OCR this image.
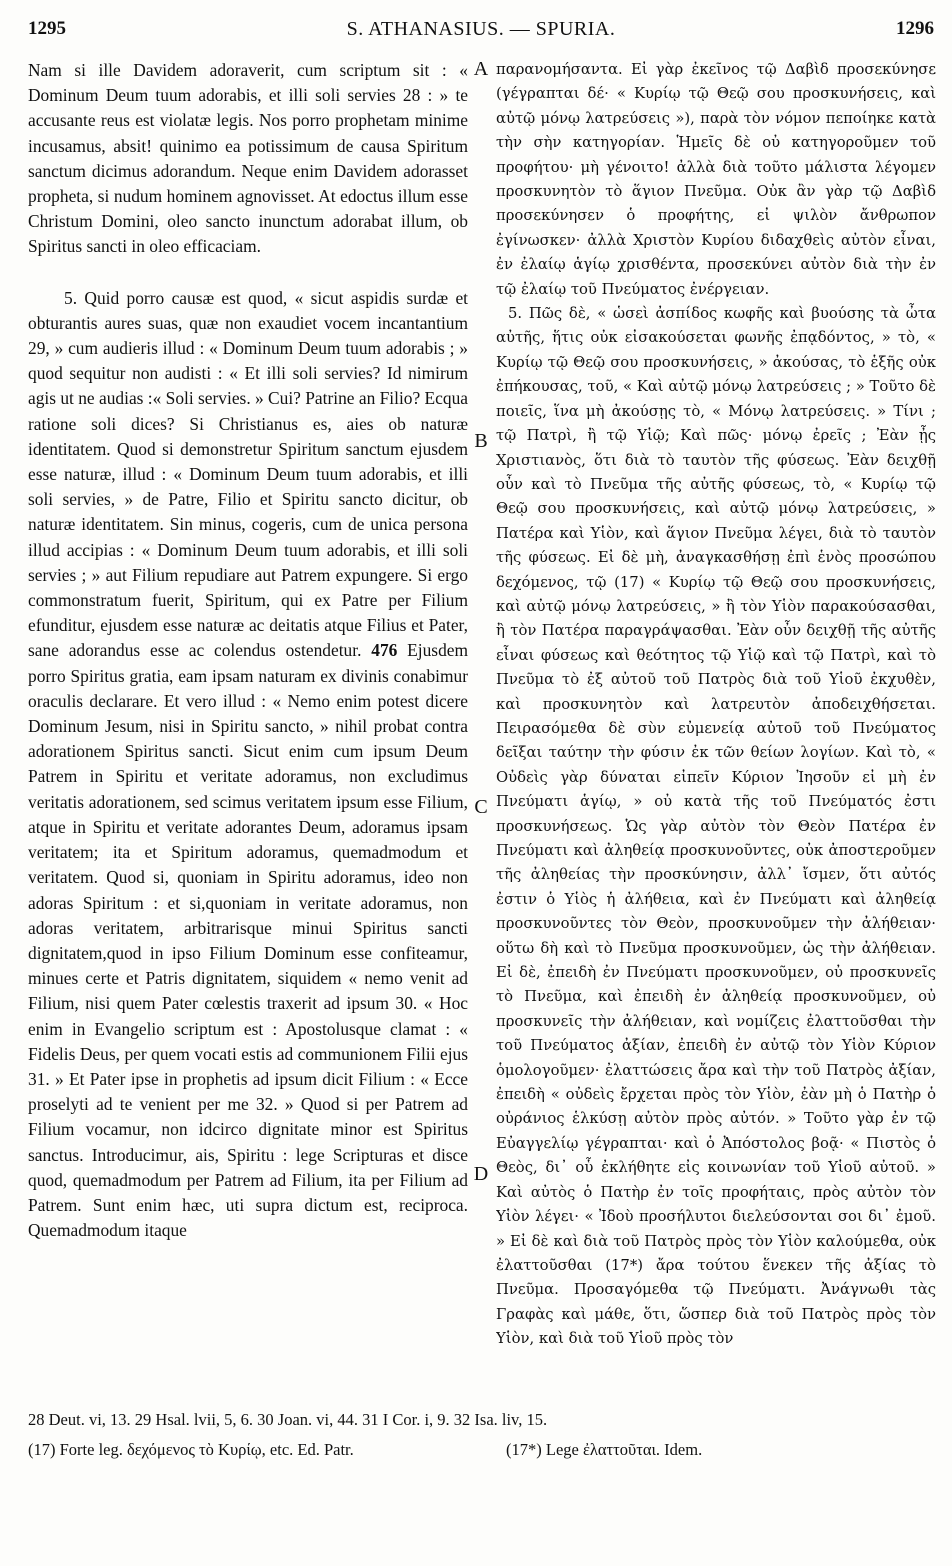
1295	S. ATHANASIUS. — SPURIA.	1296

Nam si ille Davidem adoraverit, cum scriptum sit : « Dominum Deum tuum adorabis, et illi soli servies 28 : » te accusante reus est violatæ legis. Nos porro prophetam minime incusamus, absit! quinimo ea potissimum de causa Spiritum sanctum dicimus adorandum. Neque enim Davidem adorasset propheta, si nudum hominem agnovisset. At edoctus illum esse Christum Domini, oleo sancto inunctum adorabat illum, ob Spiritus sancti in oleo efficaciam.

5. Quid porro causæ est quod, « sicut aspidis surdæ et obturantis aures suas, quæ non exaudiet vocem incantantium 29, » cum audieris illud : « Dominum Deum tuum adorabis ; » quod sequitur non audisti : « Et illi soli servies? Id nimirum agis ut ne audias :« Soli servies. » Cui? Patrine an Filio? Ecqua ratione soli dices? Si Christianus es, aies ob naturæ identitatem. Quod si demonstretur Spiritum sanctum ejusdem esse naturæ, illud : « Dominum Deum tuum adorabis, et illi soli servies, » de Patre, Filio et Spiritu sancto dicitur, ob naturæ identitatem. Sin minus, cogeris, cum de unica persona illud accipias : « Dominum Deum tuum adorabis, et illi soli servies ; » aut Filium repudiare aut Patrem expungere. Si ergo commonstratum fuerit, Spiritum, qui ex Patre per Filium efunditur, ejusdem esse naturæ ac deitatis atque Filius et Pater, sane adorandus esse ac colendus ostendetur. 476 Ejusdem porro Spiritus gratia, eam ipsam naturam ex divinis conabimur oraculis declarare. Et vero illud : « Nemo enim potest dicere Dominum Jesum, nisi in Spiritu sancto, » nihil probat contra adorationem Spiritus sancti. Sicut enim cum ipsum Deum Patrem in Spiritu et veritate adoramus, non excludimus veritatis adorationem, sed scimus veritatem ipsum esse Filium, atque in Spiritu et veritate adorantes Deum, adoramus ipsam veritatem; ita et Spiritum adoramus, quemadmodum et veritatem. Quod si, quoniam in Spiritu adoramus, ideo non adoras Spiritum : et si,quoniam in veritate adoramus, non adoras veritatem, arbitrarisque minui Spiritus sancti dignitatem,quod in ipso Filium Dominum esse confiteamur, minues certe et Patris dignitatem, siquidem « nemo venit ad Filium, nisi quem Pater cœlestis traxerit ad ipsum 30. « Hoc enim in Evangelio scriptum est : Apostolusque clamat : « Fidelis Deus, per quem vocati estis ad communionem Filii ejus 31. » Et Pater ipse in prophetis ad ipsum dicit Filium : « Ecce proselyti ad te venient per me 32. » Quod si per Patrem ad Filium vocamur, non idcirco dignitate minor est Spiritus sanctus. Introducimur, ais, Spiritu : lege Scripturas et disce quod, quemadmodum per Patrem ad Filium, ita per Filium ad Patrem. Sunt enim hæc, uti supra dictum est, reciproca. Quemadmodum itaque

A
B
C
D

παρανομήσαντα. Εἰ γὰρ ἐκεῖνος τῷ Δαβὶδ προσεκύνησε (γέγραπται δέ· « Κυρίῳ τῷ Θεῷ σου προσκυνήσεις, καὶ αὐτῷ μόνῳ λατρεύσεις »), παρὰ τὸν νόμον πεποίηκε κατὰ τὴν σὴν κατηγορίαν. Ἡμεῖς δὲ οὐ κατηγοροῦμεν τοῦ προφήτου· μὴ γένοιτο! ἀλλὰ διὰ τοῦτο μάλιστα λέγομεν προσκυνητὸν τὸ ἅγιον Πνεῦμα. Οὐκ ἂν γὰρ τῷ Δαβὶδ προσεκύνησεν ὁ προφήτης, εἰ ψιλὸν ἄνθρωπον ἐγίνωσκεν· ἀλλὰ Χριστὸν Κυρίου διδαχθεὶς αὐτὸν εἶναι, ἐν ἐλαίῳ ἁγίῳ χρισθέντα, προσεκύνει αὐτὸν διὰ τὴν ἐν τῷ ἐλαίῳ τοῦ Πνεύματος ἐνέργειαν.

5. Πῶς δὲ, « ὡσεὶ ἀσπίδος κωφῆς καὶ βυούσης τὰ ὦτα αὐτῆς, ἥτις οὐκ εἰσακούσεται φωνῆς ἐπᾳδόντος, » τὸ, « Κυρίῳ τῷ Θεῷ σου προσκυνήσεις, » ἀκούσας, τὸ ἑξῆς οὐκ ἐπήκουσας, τοῦ, « Καὶ αὐτῷ μόνῳ λατρεύσεις ; » Τοῦτο δὲ ποιεῖς, ἵνα μὴ ἀκούσῃς τὸ, « Μόνῳ λατρεύσεις. » Τίνι ; τῷ Πατρὶ, ἢ τῷ Υἱῷ; Καὶ πῶς· μόνῳ ἐρεῖς ; Ἐὰν ᾖς Χριστιανὸς, ὅτι διὰ τὸ ταυτὸν τῆς φύσεως. Ἐὰν δειχθῇ οὖν καὶ τὸ Πνεῦμα τῆς αὐτῆς φύσεως, τὸ, « Κυρίῳ τῷ Θεῷ σου προσκυνήσεις, καὶ αὐτῷ μόνῳ λατρεύσεις, » Πατέρα καὶ Υἱὸν, καὶ ἅγιον Πνεῦμα λέγει, διὰ τὸ ταυτὸν τῆς φύσεως. Εἰ δὲ μὴ, ἀναγκασθήσῃ ἐπὶ ἑνὸς προσώπου δεχόμενος, τῷ (17) « Κυρίῳ τῷ Θεῷ σου προσκυνήσεις, καὶ αὐτῷ μόνῳ λατρεύσεις, » ἢ τὸν Υἱὸν παρακούσασθαι, ἢ τὸν Πατέρα παραγράψασθαι. Ἐὰν οὖν δειχθῇ τῆς αὐτῆς εἶναι φύσεως καὶ θεότητος τῷ Υἱῷ καὶ τῷ Πατρὶ, καὶ τὸ Πνεῦμα τὸ ἐξ αὐτοῦ τοῦ Πατρὸς διὰ τοῦ Υἱοῦ ἐκχυθὲν, καὶ προσκυνητὸν καὶ λατρευτὸν ἀποδειχθήσεται. Πειρασόμεθα δὲ σὺν εὐμενείᾳ αὐτοῦ τοῦ Πνεύματος δεῖξαι ταύτην τὴν φύσιν ἐκ τῶν θείων λογίων. Καὶ τὸ, « Οὐδεὶς γὰρ δύναται εἰπεῖν Κύριον Ἰησοῦν εἰ μὴ ἐν Πνεύματι ἁγίῳ, » οὐ κατὰ τῆς τοῦ Πνεύματός ἐστι προσκυνήσεως. Ὡς γὰρ αὐτὸν τὸν Θεὸν Πατέρα ἐν Πνεύματι καὶ ἀληθείᾳ προσκυνοῦντες, οὐκ ἀποστεροῦμεν τῆς ἀληθείας τὴν προσκύνησιν, ἀλλ᾽ ἴσμεν, ὅτι αὐτός ἐστιν ὁ Υἱὸς ἡ ἀλήθεια, καὶ ἐν Πνεύματι καὶ ἀληθείᾳ προσκυνοῦντες τὸν Θεὸν, προσκυνοῦμεν τὴν ἀλήθειαν· οὕτω δὴ καὶ τὸ Πνεῦμα προσκυνοῦμεν, ὡς τὴν ἀλήθειαν. Εἰ δὲ, ἐπειδὴ ἐν Πνεύματι προσκυνοῦμεν, οὐ προσκυνεῖς τὸ Πνεῦμα, καὶ ἐπειδὴ ἐν ἀληθείᾳ προσκυνοῦμεν, οὐ προσκυνεῖς τὴν ἀλήθειαν, καὶ νομίζεις ἐλαττοῦσθαι τὴν τοῦ Πνεύματος ἀξίαν, ἐπειδὴ ἐν αὐτῷ τὸν Υἱὸν Κύριον ὁμολογοῦμεν· ἐλαττώσεις ἄρα καὶ τὴν τοῦ Πατρὸς ἀξίαν, ἐπειδὴ « οὐδεὶς ἔρχεται πρὸς τὸν Υἱὸν, ἐὰν μὴ ὁ Πατὴρ ὁ οὐράνιος ἑλκύσῃ αὐτὸν πρὸς αὐτόν. » Τοῦτο γὰρ ἐν τῷ Εὐαγγελίῳ γέγραπται· καὶ ὁ Ἀπόστολος βοᾷ· « Πιστὸς ὁ Θεὸς, δι᾽ οὗ ἐκλήθητε εἰς κοινωνίαν τοῦ Υἱοῦ αὐτοῦ. » Καὶ αὐτὸς ὁ Πατὴρ ἐν τοῖς προφήταις, πρὸς αὐτὸν τὸν Υἱὸν λέγει· « Ἰδοὺ προσήλυτοι διελεύσονται σοι δι᾽ ἐμοῦ. » Εἰ δὲ καὶ διὰ τοῦ Πατρὸς πρὸς τὸν Υἱὸν καλούμεθα, οὐκ ἐλαττοῦσθαι (17*) ἄρα τούτου ἕνεκεν τῆς ἀξίας τὸ Πνεῦμα. Προσαγόμεθα τῷ Πνεύματι. Ἀνάγνωθι τὰς Γραφὰς καὶ μάθε, ὅτι, ὥσπερ διὰ τοῦ Πατρὸς πρὸς τὸν Υἱὸν, καὶ διὰ τοῦ Υἱοῦ πρὸς τὸν

28 Deut. vi, 13. 29 Hsal. lvii, 5, 6. 30 Joan. vi, 44. 31 I Cor. i, 9. 32 Isa. liv, 15.
(17) Forte leg. δεχόμενος τὸ Κυρίῳ, etc. Ed. Patr.	(17*) Lege ἐλαττοῦται. Idem.
